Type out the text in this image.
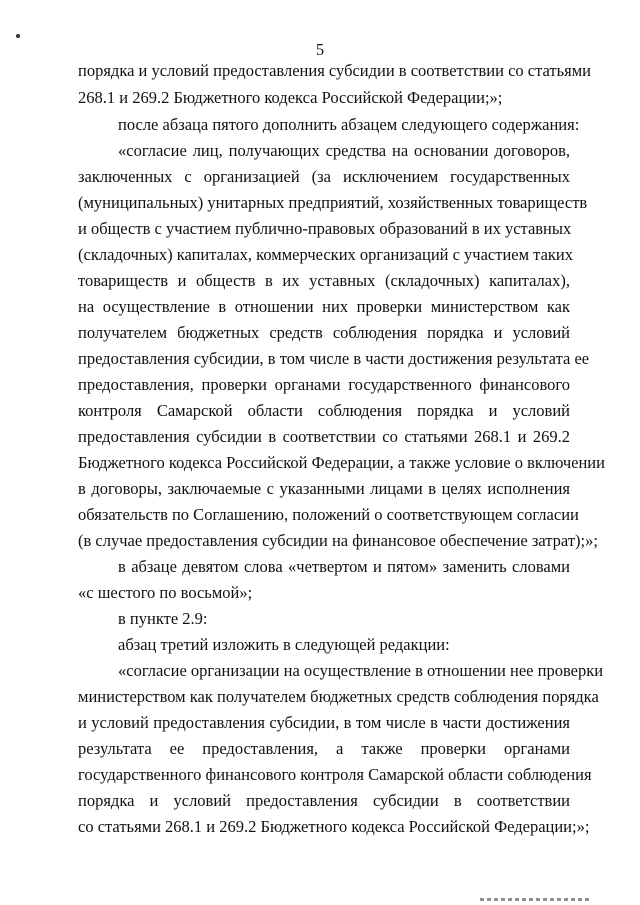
5
порядка и условий предоставления субсидии в соответствии со статьями
268.1 и 269.2 Бюджетного кодекса Российской Федерации;»;
после абзаца пятого дополнить абзацем следующего содержания:
«согласие лиц, получающих средства на основании договоров,
заключенных с организацией (за исключением государственных
(муниципальных) унитарных предприятий, хозяйственных товариществ
и обществ с участием публично-правовых образований в их уставных
(складочных) капиталах, коммерческих организаций с участием таких
товариществ и обществ в их уставных (складочных) капиталах),
на осуществление в отношении них проверки министерством как
получателем бюджетных средств соблюдения порядка и условий
предоставления субсидии, в том числе в части достижения результата ее
предоставления, проверки органами государственного финансового
контроля Самарской области соблюдения порядка и условий
предоставления субсидии в соответствии со статьями 268.1 и 269.2
Бюджетного кодекса Российской Федерации, а также условие о включении
в договоры, заключаемые с указанными лицами в целях исполнения
обязательств по Соглашению, положений о соответствующем согласии
(в случае предоставления субсидии на финансовое обеспечение затрат);»;
в абзаце девятом слова «четвертом и пятом» заменить словами
«с шестого по восьмой»;
в пункте 2.9:
абзац третий изложить в следующей редакции:
«согласие организации на осуществление в отношении нее проверки
министерством как получателем бюджетных средств соблюдения порядка
и условий предоставления субсидии, в том числе в части достижения
результата ее предоставления, а также проверки органами
государственного финансового контроля Самарской области соблюдения
порядка и условий предоставления субсидии в соответствии
со статьями 268.1 и 269.2 Бюджетного кодекса Российской Федерации;»;
